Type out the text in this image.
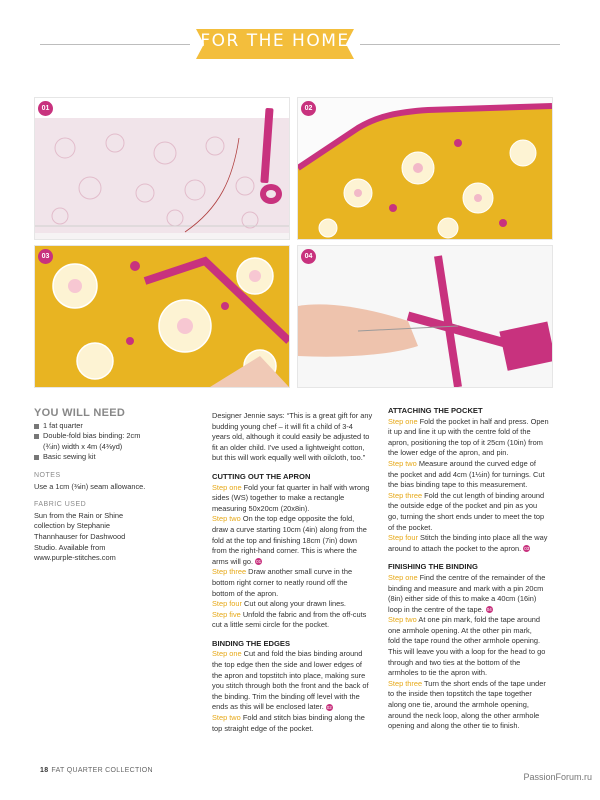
FOR THE HOME
01	02
03	04
YOU WILL NEED

1 fat quarter

Double-fold bias binding: 2cm

(¾in) width x 4m (4⅜yd)

Basic sewing kit

NOTES

Use a 1cm (⅜in) seam allowance.

FABRIC USED

Sun from the Rain or Shine

collection by Stephanie

Thannhauser for Dashwood

Studio. Available from

www.purple-stitches.com

Designer Jennie says: “This is a great gift for any

budding young chef – it will fit a child of 3-4

years old, although it could easily be adjusted to

fit an older child. I've used a lightweight cotton,

but this will work equally well with oilcloth, too.”

CUTTING OUT THE APRON

Step one Fold your fat quarter in half with wrong

sides (WS) together to make a rectangle

measuring 50x20cm (20x8in).

Step two On the top edge opposite the fold,

draw a curve starting 10cm (4in) along from the

fold at the top and finishing 18cm (7in) down

from the right-hand corner. This is where the

arms will go. 01

Step three Draw another small curve in the

bottom right corner to neatly round off the

bottom of the apron.

Step four Cut out along your drawn lines.

Step five Unfold the fabric and from the off-cuts

cut a little semi circle for the pocket.

BINDING THE EDGES

Step one Cut and fold the bias binding around

the top edge then the side and lower edges of

the apron and topstitch into place, making sure

you stitch through both the front and the back of

the binding. Trim the binding off level with the

ends as this will be enclosed later. 02

Step two Fold and stitch bias binding along the

top straight edge of the pocket.

ATTACHING THE POCKET

Step one Fold the pocket in half and press. Open

it up and line it up with the centre fold of the

apron, positioning the top of it 25cm (10in) from

the lower edge of the apron, and pin.

Step two Measure around the curved edge of

the pocket and add 4cm (1½in) for turnings. Cut

the bias binding tape to this measurement.

Step three Fold the cut length of binding around

the outside edge of the pocket and pin as you

go, turning the short ends under to meet the top

of the pocket.

Step four Stitch the binding into place all the way

around to attach the pocket to the apron. 03

FINISHING THE BINDING

Step one Find the centre of the remainder of the

binding and measure and mark with a pin 20cm

(8in) either side of this to make a 40cm (16in)

loop in the centre of the tape. 04

Step two At one pin mark, fold the tape around

one armhole opening. At the other pin mark,

fold the tape round the other armhole opening.

This will leave you with a loop for the head to go

through and two ties at the bottom of the

armholes to tie the apron with.

Step three Turn the short ends of the tape under

to the inside then topstitch the tape together

along one tie, around the armhole opening,

around the neck loop, along the other armhole

opening and along the other tie to finish.

18 FAT QUARTER COLLECTION
PassionForum.ru
